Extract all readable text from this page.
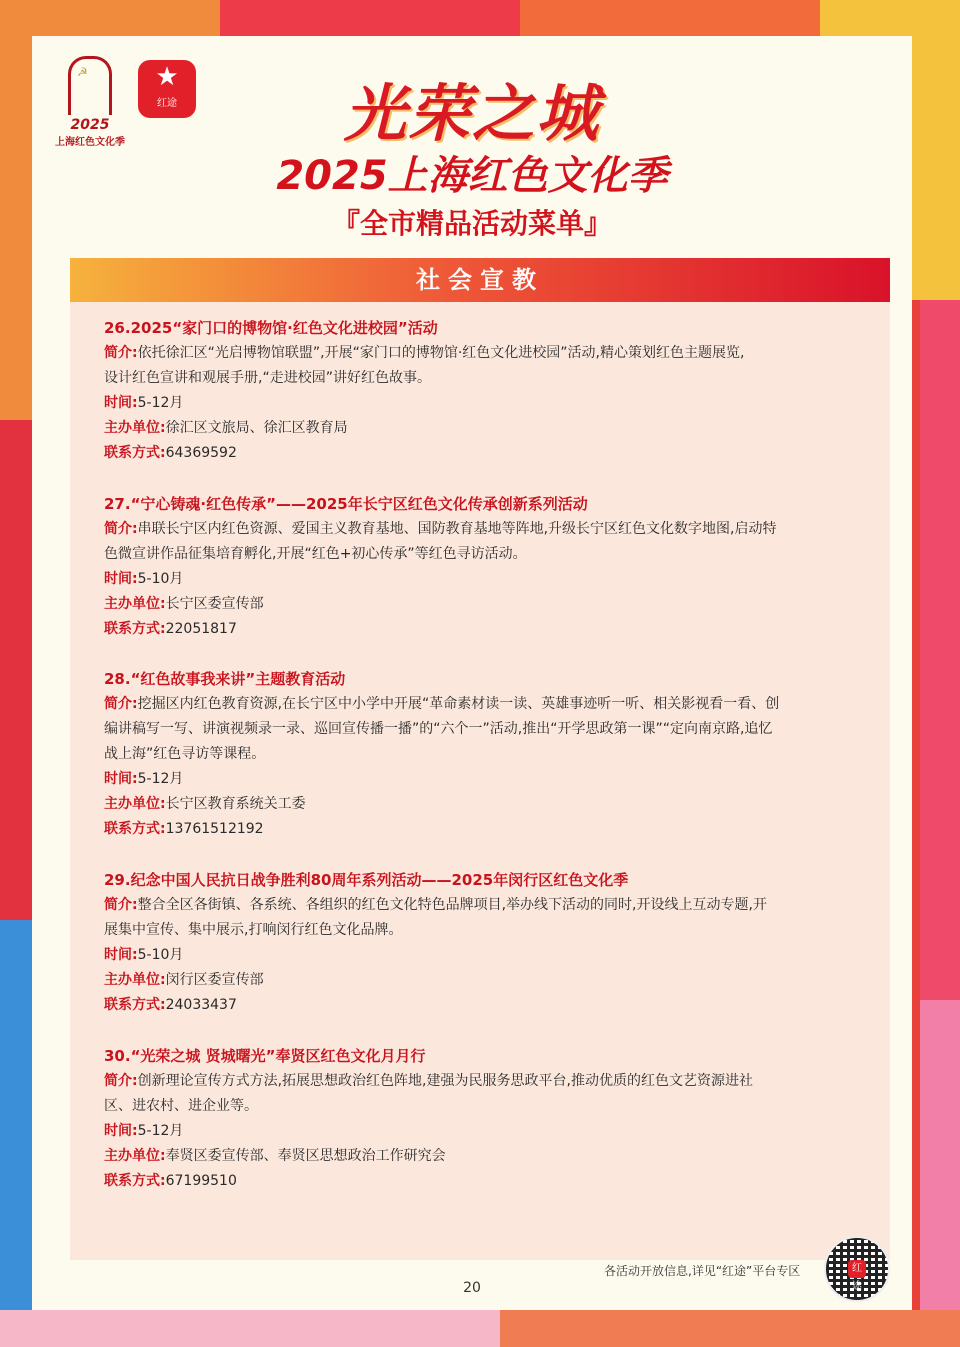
☭
2025
上海红色文化季
★
红途	光荣之城
2025上海红色文化季
『全市精品活动菜单』
社会宣教
26.2025“家门口的博物馆·红色文化进校园”活动
简介:依托徐汇区“光启博物馆联盟”,开展“家门口的博物馆·红色文化进校园”活动,精心策划红色主题展览,
设计红色宣讲和观展手册,“走进校园”讲好红色故事。
时间:5-12月
主办单位:徐汇区文旅局、徐汇区教育局
联系方式:64369592
27.“宁心铸魂·红色传承”——2025年长宁区红色文化传承创新系列活动
简介:串联长宁区内红色资源、爱国主义教育基地、国防教育基地等阵地,升级长宁区红色文化数字地图,启动特
色微宣讲作品征集培育孵化,开展“红色+初心传承”等红色寻访活动。
时间:5-10月
主办单位:长宁区委宣传部
联系方式:22051817
28.“红色故事我来讲”主题教育活动
简介:挖掘区内红色教育资源,在长宁区中小学中开展“革命素材读一读、英雄事迹听一听、相关影视看一看、创
编讲稿写一写、讲演视频录一录、巡回宣传播一播”的“六个一”活动,推出“开学思政第一课”“定向南京路,追忆
战上海”红色寻访等课程。
时间:5-12月
主办单位:长宁区教育系统关工委
联系方式:13761512192
29.纪念中国人民抗日战争胜利80周年系列活动——2025年闵行区红色文化季
简介:整合全区各街镇、各系统、各组织的红色文化特色品牌项目,举办线下活动的同时,开设线上互动专题,开
展集中宣传、集中展示,打响闵行红色文化品牌。
时间:5-10月
主办单位:闵行区委宣传部
联系方式:24033437
30.“光荣之城 贤城曙光”奉贤区红色文化月月行
简介:创新理论宣传方式方法,拓展思想政治红色阵地,建强为民服务思政平台,推动优质的红色文艺资源进社
区、进农村、进企业等。
时间:5-12月
主办单位:奉贤区委宣传部、奉贤区思想政治工作研究会
联系方式:67199510
各活动开放信息,详见“红途”平台专区
20
红途
